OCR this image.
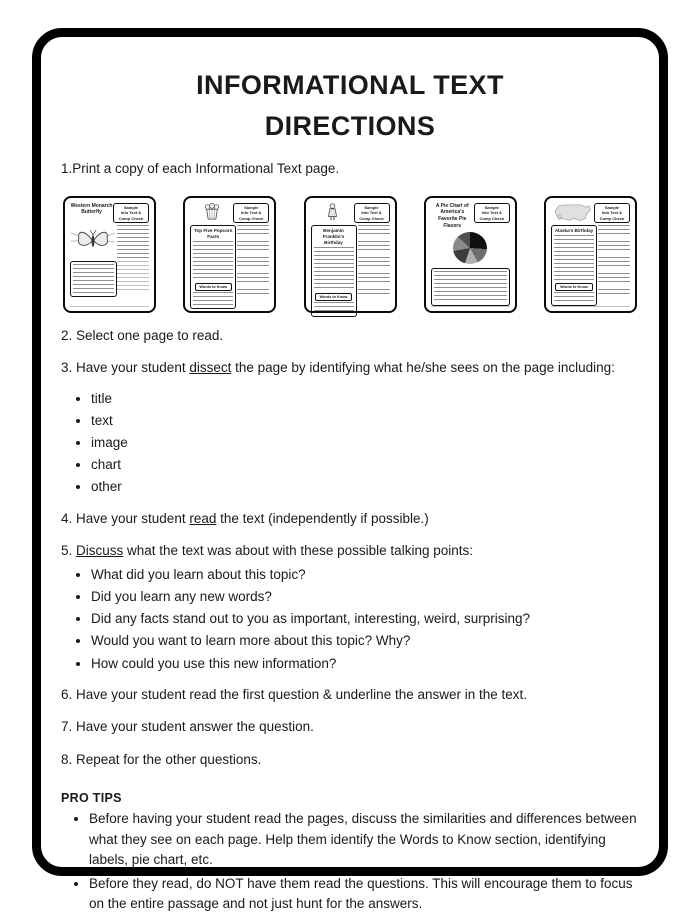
INFORMATIONAL TEXT
DIRECTIONS

1.Print a copy of each Informational Text page.

Western Monarch Butterfly
Sample
Info Text &
Comp Check
Sample
Info Text &
Comp Check
Top Five Popcorn Facts
Words to Know
Sample
Info Text &
Comp Check
Benjamin Franklin's Birthday
Words to Know
A Pie Chart of America's Favorite Pie Flavors
Sample
Info Text &
Comp Check
Sample
Info Text &
Comp Check
Alaska's Birthday
Words to Know

2. Select one page to read.

3. Have your student dissect the page by identifying what he/she sees on the page including:

• title
• text
• image
• chart
• other

4. Have your student read the text (independently if possible.)

5. Discuss what the text was about with these possible talking points:

• What did you learn about this topic?
• Did you learn any new words?
• Did any facts stand out to you as important, interesting, weird, surprising?
• Would you want to learn more about this topic? Why?
• How could you use this new information?

6. Have your student read the first question & underline the answer in the text.

7. Have your student answer the question.

8. Repeat for the other questions.

PRO TIPS
• Before having your student read the pages, discuss the similarities and differences between what they see on each page. Help them identify the Words to Know section, identifying labels, pie chart, etc.
• Before they read, do NOT have them read the questions. This will encourage them to focus on the entire passage and not just hunt for the answers.
